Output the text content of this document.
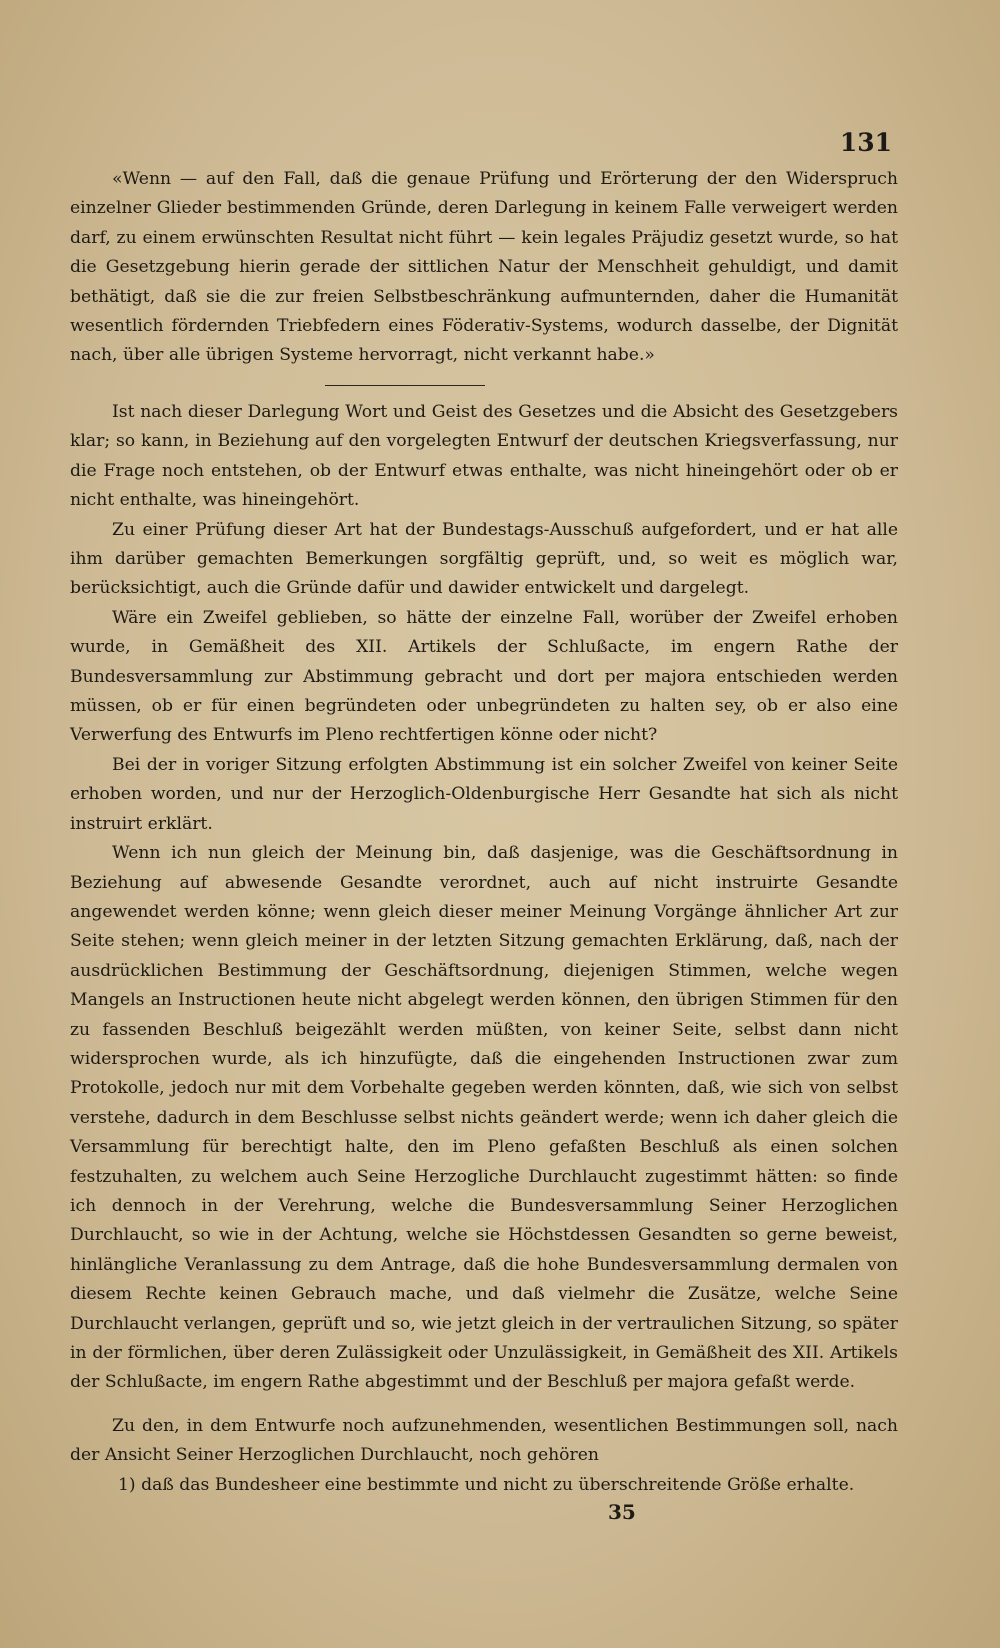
131

«Wenn — auf den Fall, daß die genaue Prüfung und Erörterung der den Widerspruch einzelner Glieder bestimmenden Gründe, deren Darlegung in keinem Falle verweigert werden darf, zu einem erwünschten Resultat nicht führt — kein legales Präjudiz gesetzt wurde, so hat die Gesetzgebung hierin gerade der sittlichen Natur der Menschheit gehuldigt, und damit bethätigt, daß sie die zur freien Selbstbeschränkung aufmunternden, daher die Humanität wesentlich fördernden Triebfedern eines Föderativ-Systems, wodurch dasselbe, der Dignität nach, über alle übrigen Systeme hervorragt, nicht verkannt habe.»

Ist nach dieser Darlegung Wort und Geist des Gesetzes und die Absicht des Gesetzgebers klar; so kann, in Beziehung auf den vorgelegten Entwurf der deutschen Kriegsverfassung, nur die Frage noch entstehen, ob der Entwurf etwas enthalte, was nicht hineingehört oder ob er nicht enthalte, was hineingehört.

Zu einer Prüfung dieser Art hat der Bundestags-Ausschuß aufgefordert, und er hat alle ihm darüber gemachten Bemerkungen sorgfältig geprüft, und, so weit es möglich war, berücksichtigt, auch die Gründe dafür und dawider entwickelt und dargelegt.

Wäre ein Zweifel geblieben, so hätte der einzelne Fall, worüber der Zweifel erhoben wurde, in Gemäßheit des XII. Artikels der Schlußacte, im engern Rathe der Bundesversammlung zur Abstimmung gebracht und dort per majora entschieden werden müssen, ob er für einen begründeten oder unbegründeten zu halten sey, ob er also eine Verwerfung des Entwurfs im Pleno rechtfertigen könne oder nicht?

Bei der in voriger Sitzung erfolgten Abstimmung ist ein solcher Zweifel von keiner Seite erhoben worden, und nur der Herzoglich-Oldenburgische Herr Gesandte hat sich als nicht instruirt erklärt.

Wenn ich nun gleich der Meinung bin, daß dasjenige, was die Geschäftsordnung in Beziehung auf abwesende Gesandte verordnet, auch auf nicht instruirte Gesandte angewendet werden könne; wenn gleich dieser meiner Meinung Vorgänge ähnlicher Art zur Seite stehen; wenn gleich meiner in der letzten Sitzung gemachten Erklärung, daß, nach der ausdrücklichen Bestimmung der Geschäftsordnung, diejenigen Stimmen, welche wegen Mangels an Instructionen heute nicht abgelegt werden können, den übrigen Stimmen für den zu fassenden Beschluß beigezählt werden müßten, von keiner Seite, selbst dann nicht widersprochen wurde, als ich hinzufügte, daß die eingehenden Instructionen zwar zum Protokolle, jedoch nur mit dem Vorbehalte gegeben werden könnten, daß, wie sich von selbst verstehe, dadurch in dem Beschlusse selbst nichts geändert werde; wenn ich daher gleich die Versammlung für berechtigt halte, den im Pleno gefaßten Beschluß als einen solchen festzuhalten, zu welchem auch Seine Herzogliche Durchlaucht zugestimmt hätten: so finde ich dennoch in der Verehrung, welche die Bundesversammlung Seiner Herzoglichen Durchlaucht, so wie in der Achtung, welche sie Höchstdessen Gesandten so gerne beweist, hinlängliche Veranlassung zu dem Antrage, daß die hohe Bundesversammlung dermalen von diesem Rechte keinen Gebrauch mache, und daß vielmehr die Zusätze, welche Seine Durchlaucht verlangen, geprüft und so, wie jetzt gleich in der vertraulichen Sitzung, so später in der förmlichen, über deren Zulässigkeit oder Unzulässigkeit, in Gemäßheit des XII. Artikels der Schlußacte, im engern Rathe abgestimmt und der Beschluß per majora gefaßt werde.

Zu den, in dem Entwurfe noch aufzunehmenden, wesentlichen Bestimmungen soll, nach der Ansicht Seiner Herzoglichen Durchlaucht, noch gehören

1) daß das Bundesheer eine bestimmte und nicht zu überschreitende Größe erhalte.

35
